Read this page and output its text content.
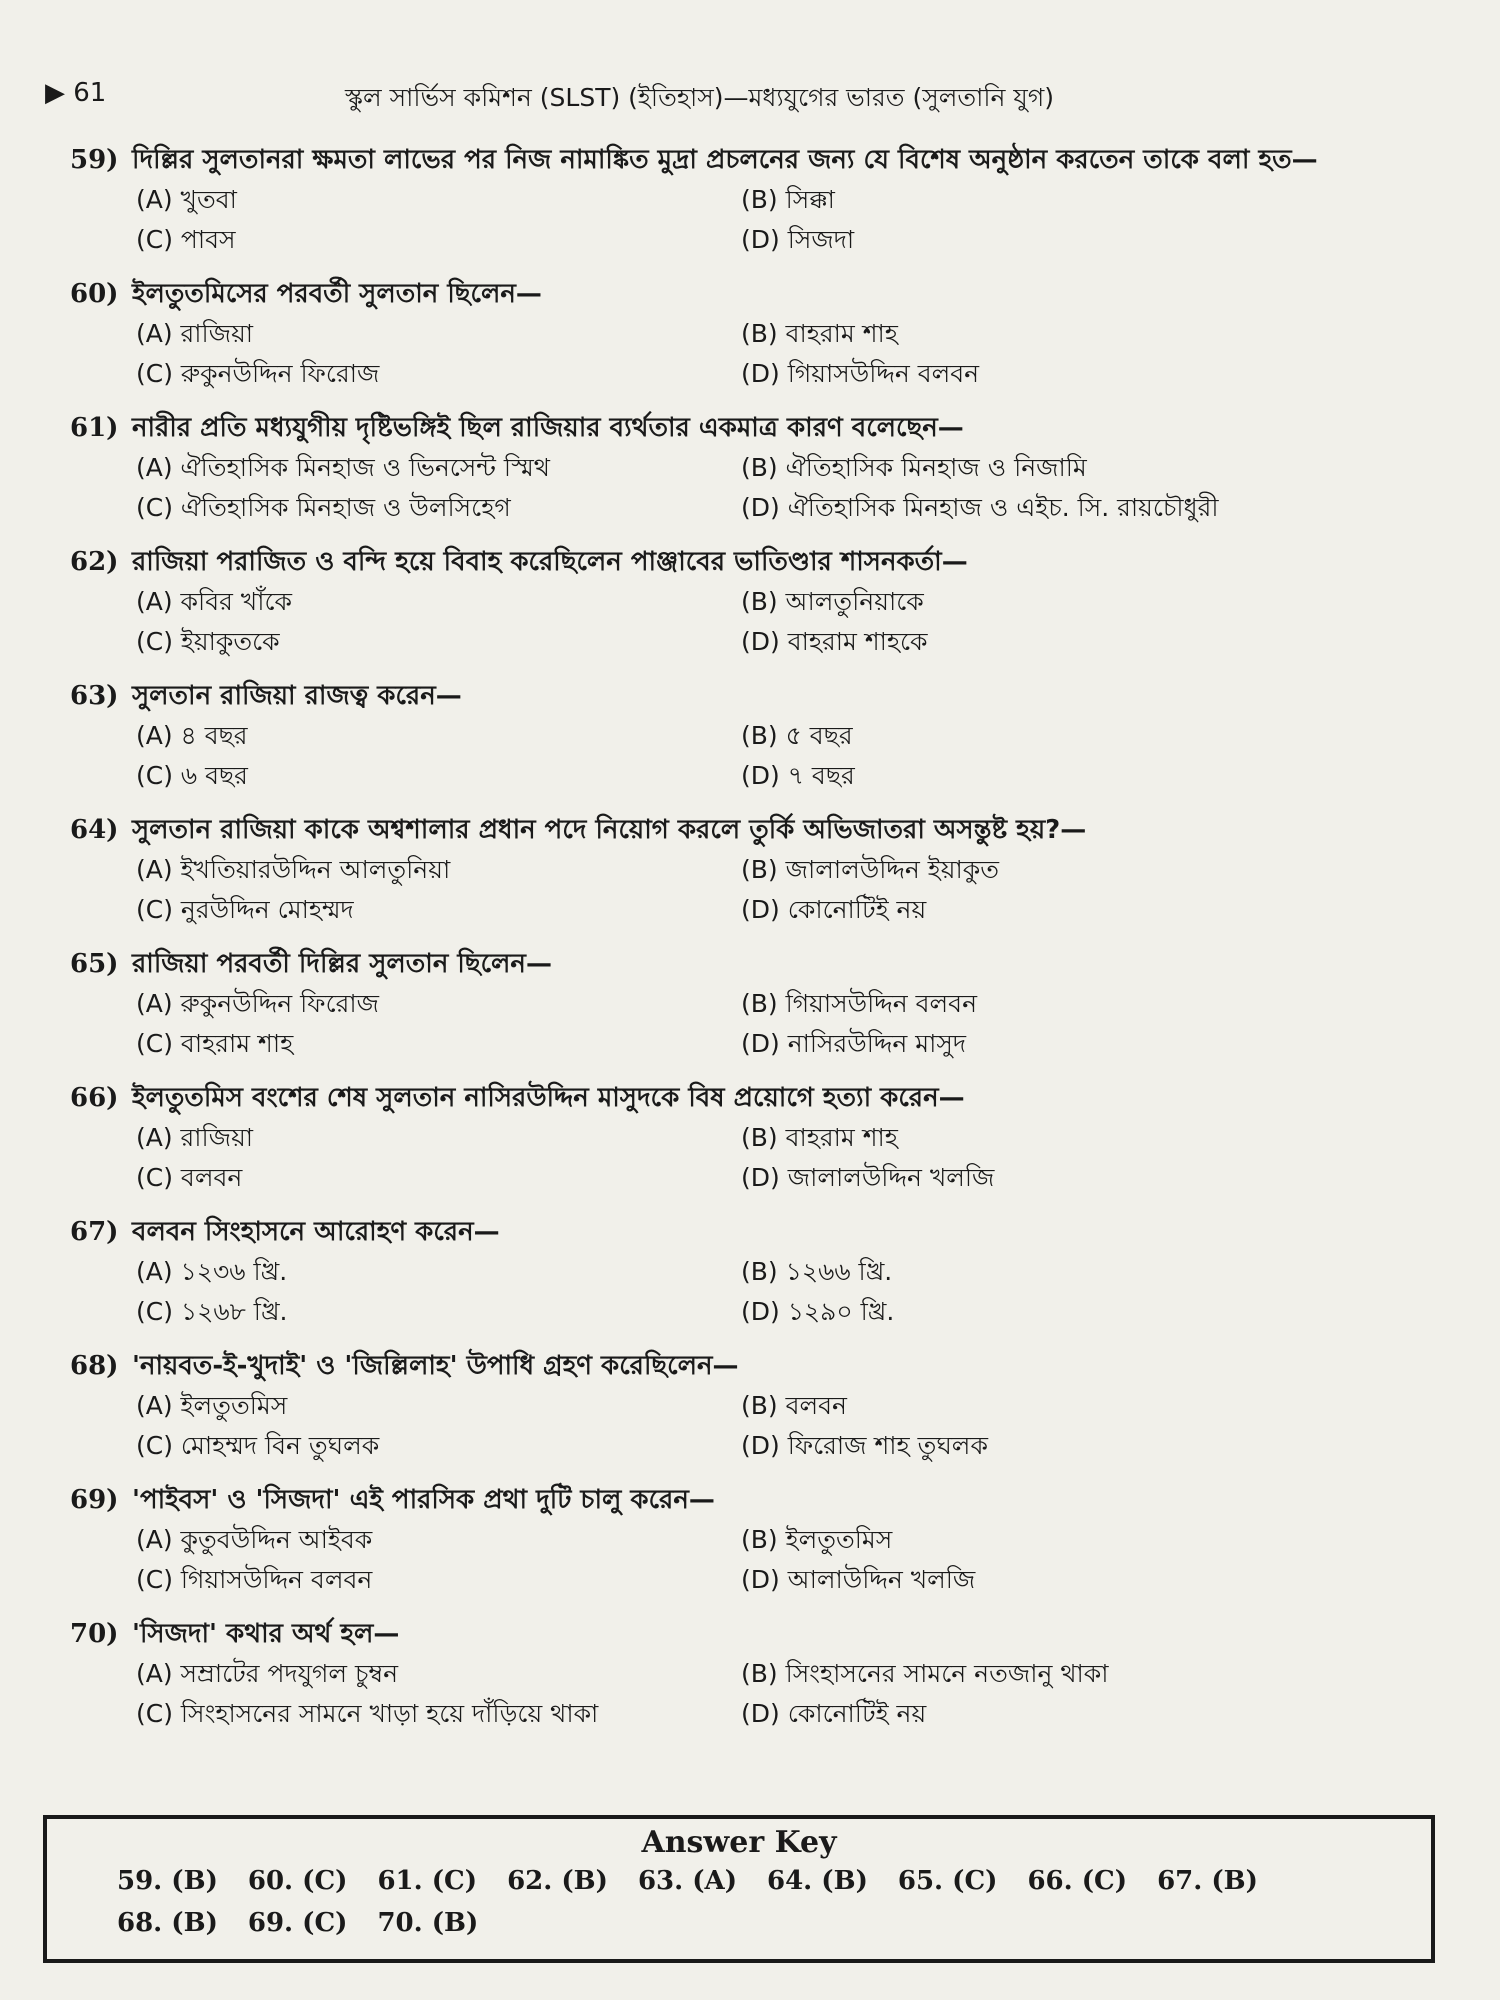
▶ 61	স্কুল সার্ভিস কমিশন (SLST) (ইতিহাস)—মধ্যযুগের ভারত (সুলতানি যুগ)
59) দিল্লির সুলতানরা ক্ষমতা লাভের পর নিজ নামাঙ্কিত মুদ্রা প্রচলনের জন্য যে বিশেষ অনুষ্ঠান করতেন তাকে বলা হত—
(A) খুতবা	(B) সিক্কা
(C) পাবস	(D) সিজদা
60) ইলতুতমিসের পরবর্তী সুলতান ছিলেন—
(A) রাজিয়া	(B) বাহরাম শাহ
(C) রুকুনউদ্দিন ফিরোজ	(D) গিয়াসউদ্দিন বলবন
61) নারীর প্রতি মধ্যযুগীয় দৃষ্টিভঙ্গিই ছিল রাজিয়ার ব্যর্থতার একমাত্র কারণ বলেছেন—
(A) ঐতিহাসিক মিনহাজ ও ভিনসেন্ট স্মিথ	(B) ঐতিহাসিক মিনহাজ ও নিজামি
(C) ঐতিহাসিক মিনহাজ ও উলসিহেগ	(D) ঐতিহাসিক মিনহাজ ও এইচ. সি. রায়চৌধুরী
62) রাজিয়া পরাজিত ও বন্দি হয়ে বিবাহ করেছিলেন পাঞ্জাবের ভাতিণ্ডার শাসনকর্তা—
(A) কবির খাঁকে	(B) আলতুনিয়াকে
(C) ইয়াকুতকে	(D) বাহরাম শাহকে
63) সুলতান রাজিয়া রাজত্ব করেন—
(A) ৪ বছর	(B) ৫ বছর
(C) ৬ বছর	(D) ৭ বছর
64) সুলতান রাজিয়া কাকে অশ্বশালার প্রধান পদে নিয়োগ করলে তুর্কি অভিজাতরা অসন্তুষ্ট হয়?—
(A) ইখতিয়ারউদ্দিন আলতুনিয়া	(B) জালালউদ্দিন ইয়াকুত
(C) নুরউদ্দিন মোহম্মদ	(D) কোনোটিই নয়
65) রাজিয়া পরবর্তী দিল্লির সুলতান ছিলেন—
(A) রুকুনউদ্দিন ফিরোজ	(B) গিয়াসউদ্দিন বলবন
(C) বাহরাম শাহ	(D) নাসিরউদ্দিন মাসুদ
66) ইলতুতমিস বংশের শেষ সুলতান নাসিরউদ্দিন মাসুদকে বিষ প্রয়োগে হত্যা করেন—
(A) রাজিয়া	(B) বাহরাম শাহ
(C) বলবন	(D) জালালউদ্দিন খলজি
67) বলবন সিংহাসনে আরোহণ করেন—
(A) ১২৩৬ খ্রি.	(B) ১২৬৬ খ্রি.
(C) ১২৬৮ খ্রি.	(D) ১২৯০ খ্রি.
68) 'নায়বত-ই-খুদাই' ও 'জিল্লিলাহ' উপাধি গ্রহণ করেছিলেন—
(A) ইলতুতমিস	(B) বলবন
(C) মোহম্মদ বিন তুঘলক	(D) ফিরোজ শাহ তুঘলক
69) 'পাইবস' ও 'সিজদা' এই পারসিক প্রথা দুটি চালু করেন—
(A) কুতুবউদ্দিন আইবক	(B) ইলতুতমিস
(C) গিয়াসউদ্দিন বলবন	(D) আলাউদ্দিন খলজি
70) 'সিজদা' কথার অর্থ হল—
(A) সম্রাটের পদযুগল চুম্বন	(B) সিংহাসনের সামনে নতজানু থাকা
(C) সিংহাসনের সামনে খাড়া হয়ে দাঁড়িয়ে থাকা	(D) কোনোটিই নয়
Answer Key
59. (B) 60. (C) 61. (C) 62. (B) 63. (A) 64. (B) 65. (C) 66. (C) 67. (B)
68. (B) 69. (C) 70. (B)
